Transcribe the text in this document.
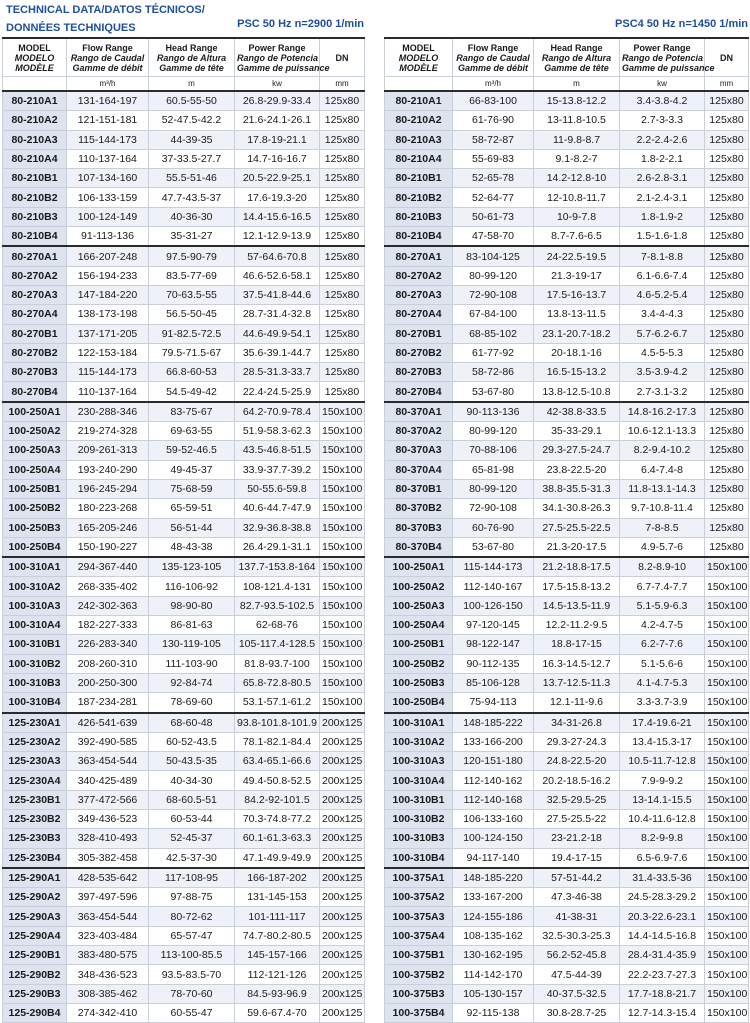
TECHNICAL DATA/DATOS TÉCNICOS/
DONNÉES TECHNIQUES	PSC 50 Hz n=2900 1/min	PSC4 50 Hz n=1450 1/min
MODEL
MODELO
MODÈLE	Flow Range
Rango de Caudal
Gamme de débit	Head Range
Rango de Altura
Gamme de tête	Power Range
Rango de Potencia
Gamme de puissance	DN
	m³/h	m	kw	mm
80-210A1	131-164-197	60.5-55-50	26.8-29.9-33.4	125x80
80-210A2	121-151-181	52-47.5-42.2	21.6-24.1-26.1	125x80
80-210A3	115-144-173	44-39-35	17.8-19-21.1	125x80
80-210A4	110-137-164	37-33.5-27.7	14.7-16-16.7	125x80
80-210B1	107-134-160	55.5-51-46	20.5-22.9-25.1	125x80
80-210B2	106-133-159	47.7-43.5-37	17.6-19.3-20	125x80
80-210B3	100-124-149	40-36-30	14.4-15.6-16.5	125x80
80-210B4	91-113-136	35-31-27	12.1-12.9-13.9	125x80
80-270A1	166-207-248	97.5-90-79	57-64.6-70.8	125x80
80-270A2	156-194-233	83.5-77-69	46.6-52.6-58.1	125x80
80-270A3	147-184-220	70-63.5-55	37.5-41.8-44.6	125x80
80-270A4	138-173-198	56.5-50-45	28.7-31.4-32.8	125x80
80-270B1	137-171-205	91-82.5-72.5	44.6-49.9-54.1	125x80
80-270B2	122-153-184	79.5-71.5-67	35.6-39.1-44.7	125x80
80-270B3	115-144-173	66.8-60-53	28.5-31.3-33.7	125x80
80-270B4	110-137-164	54.5-49-42	22.4-24.5-25.9	125x80
100-250A1	230-288-346	83-75-67	64.2-70.9-78.4	150x100
100-250A2	219-274-328	69-63-55	51.9-58.3-62.3	150x100
100-250A3	209-261-313	59-52-46.5	43.5-46.8-51.5	150x100
100-250A4	193-240-290	49-45-37	33.9-37.7-39.2	150x100
100-250B1	196-245-294	75-68-59	50-55.6-59.8	150x100
100-250B2	180-223-268	65-59-51	40.6-44.7-47.9	150x100
100-250B3	165-205-246	56-51-44	32.9-36.8-38.8	150x100
100-250B4	150-190-227	48-43-38	26.4-29.1-31.1	150x100
100-310A1	294-367-440	135-123-105	137.7-153.8-164	150x100
100-310A2	268-335-402	116-106-92	108-121.4-131	150x100
100-310A3	242-302-363	98-90-80	82.7-93.5-102.5	150x100
100-310A4	182-227-333	86-81-63	62-68-76	150x100
100-310B1	226-283-340	130-119-105	105-117.4-128.5	150x100
100-310B2	208-260-310	111-103-90	81.8-93.7-100	150x100
100-310B3	200-250-300	92-84-74	65.8-72.8-80.5	150x100
100-310B4	187-234-281	78-69-60	53.1-57.1-61.2	150x100
125-230A1	426-541-639	68-60-48	93.8-101.8-101.9	200x125
125-230A2	392-490-585	60-52-43.5	78.1-82.1-84.4	200x125
125-230A3	363-454-544	50-43.5-35	63.4-65.1-66.6	200x125
125-230A4	340-425-489	40-34-30	49.4-50.8-52.5	200x125
125-230B1	377-472-566	68-60.5-51	84.2-92-101.5	200x125
125-230B2	349-436-523	60-53-44	70.3-74.8-77.2	200x125
125-230B3	328-410-493	52-45-37	60.1-61.3-63.3	200x125
125-230B4	305-382-458	42.5-37-30	47.1-49.9-49.9	200x125
125-290A1	428-535-642	117-108-95	166-187-202	200x125
125-290A2	397-497-596	97-88-75	131-145-153	200x125
125-290A3	363-454-544	80-72-62	101-111-117	200x125
125-290A4	323-403-484	65-57-47	74.7-80.2-80.5	200x125
125-290B1	383-480-575	113-100-85.5	145-157-166	200x125
125-290B2	348-436-523	93.5-83.5-70	112-121-126	200x125
125-290B3	308-385-462	78-70-60	84.5-93-96.9	200x125
125-290B4	274-342-410	60-55-47	59.6-67.4-70	200x125
MODEL
MODELO
MODÈLE	Flow Range
Rango de Caudal
Gamme de débit	Head Range
Rango de Altura
Gamme de tête	Power Range
Rango de Potencia
Gamme de puissance	DN
	m³/h	m	kw	mm
80-210A1	66-83-100	15-13.8-12.2	3.4-3.8-4.2	125x80
80-210A2	61-76-90	13-11.8-10.5	2.7-3-3.3	125x80
80-210A3	58-72-87	11-9.8-8.7	2.2-2.4-2.6	125x80
80-210A4	55-69-83	9.1-8.2-7	1.8-2-2.1	125x80
80-210B1	52-65-78	14.2-12.8-10	2.6-2.8-3.1	125x80
80-210B2	52-64-77	12-10.8-11.7	2.1-2.4-3.1	125x80
80-210B3	50-61-73	10-9-7.8	1.8-1.9-2	125x80
80-210B4	47-58-70	8.7-7.6-6.5	1.5-1.6-1.8	125x80
80-270A1	83-104-125	24-22.5-19.5	7-8.1-8.8	125x80
80-270A2	80-99-120	21.3-19-17	6.1-6.6-7.4	125x80
80-270A3	72-90-108	17.5-16-13.7	4.6-5.2-5.4	125x80
80-270A4	67-84-100	13.8-13-11.5	3.4-4-4.3	125x80
80-270B1	68-85-102	23.1-20.7-18.2	5.7-6.2-6.7	125x80
80-270B2	61-77-92	20-18.1-16	4.5-5-5.3	125x80
80-270B3	58-72-86	16.5-15-13.2	3.5-3.9-4.2	125x80
80-270B4	53-67-80	13.8-12.5-10.8	2.7-3.1-3.2	125x80
80-370A1	90-113-136	42-38.8-33.5	14.8-16.2-17.3	125x80
80-370A2	80-99-120	35-33-29.1	10.6-12.1-13.3	125x80
80-370A3	70-88-106	29.3-27.5-24.7	8.2-9.4-10.2	125x80
80-370A4	65-81-98	23.8-22.5-20	6.4-7.4-8	125x80
80-370B1	80-99-120	38.8-35.5-31.3	11.8-13.1-14.3	125x80
80-370B2	72-90-108	34.1-30.8-26.3	9.7-10.8-11.4	125x80
80-370B3	60-76-90	27.5-25.5-22.5	7-8-8.5	125x80
80-370B4	53-67-80	21.3-20-17.5	4.9-5.7-6	125x80
100-250A1	115-144-173	21.2-18.8-17.5	8.2-8.9-10	150x100
100-250A2	112-140-167	17.5-15.8-13.2	6.7-7.4-7.7	150x100
100-250A3	100-126-150	14.5-13.5-11.9	5.1-5.9-6.3	150x100
100-250A4	97-120-145	12.2-11.2-9.5	4.2-4.7-5	150x100
100-250B1	98-122-147	18.8-17-15	6.2-7-7.6	150x100
100-250B2	90-112-135	16.3-14.5-12.7	5.1-5.6-6	150x100
100-250B3	85-106-128	13.7-12.5-11.3	4.1-4.7-5.3	150x100
100-250B4	75-94-113	12.1-11-9.6	3.3-3.7-3.9	150x100
100-310A1	148-185-222	34-31-26.8	17.4-19.6-21	150x100
100-310A2	133-166-200	29.3-27-24.3	13.4-15.3-17	150x100
100-310A3	120-151-180	24.8-22.5-20	10.5-11.7-12.8	150x100
100-310A4	112-140-162	20.2-18.5-16.2	7.9-9-9.2	150x100
100-310B1	112-140-168	32.5-29.5-25	13-14.1-15.5	150x100
100-310B2	106-133-160	27.5-25.5-22	10.4-11.6-12.8	150x100
100-310B3	100-124-150	23-21.2-18	8.2-9-9.8	150x100
100-310B4	94-117-140	19.4-17-15	6.5-6.9-7.6	150x100
100-375A1	148-185-220	57-51-44.2	31.4-33.5-36	150x100
100-375A2	133-167-200	47.3-46-38	24.5-28.3-29.2	150x100
100-375A3	124-155-186	41-38-31	20.3-22.6-23.1	150x100
100-375A4	108-135-162	32.5-30.3-25.3	14.4-14.5-16.8	150x100
100-375B1	130-162-195	56.2-52-45.8	28.4-31.4-35.9	150x100
100-375B2	114-142-170	47.5-44-39	22.2-23.7-27.3	150x100
100-375B3	105-130-157	40-37.5-32.5	17.7-18.8-21.7	150x100
100-375B4	92-115-138	30.8-28.7-25	12.7-14.3-15.4	150x100
